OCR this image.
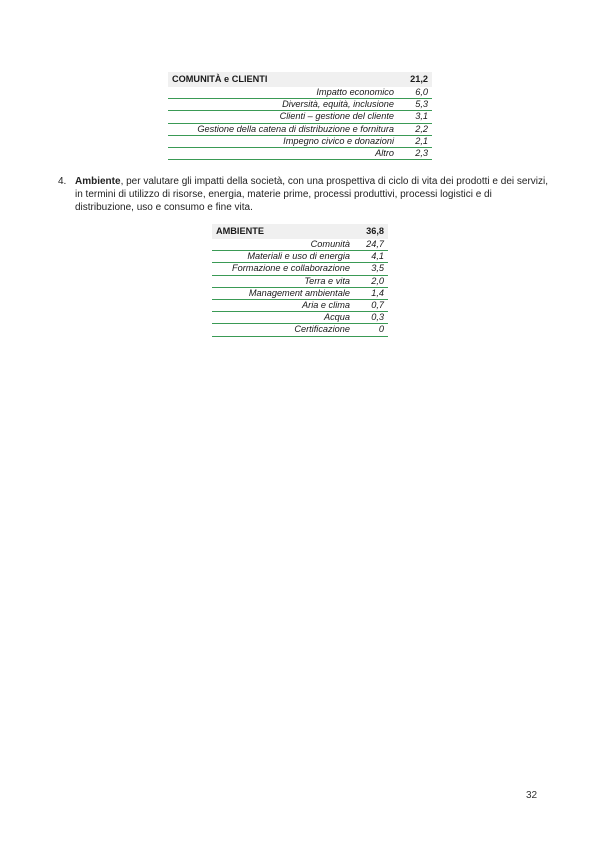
COMUNITÀ e CLIENTI	21,2
Impatto economico	6,0
Diversità, equità, inclusione	5,3
Clienti – gestione del cliente	3,1
Gestione della catena di distribuzione e fornitura	2,2
Impegno civico e donazioni	2,1
Altro	2,3
4. Ambiente, per valutare gli impatti della società, con una prospettiva di ciclo di vita dei prodotti e dei servizi, in termini di utilizzo di risorse, energia, materie prime, processi produttivi, processi logistici e di distribuzione, uso e consumo e fine vita.
AMBIENTE	36,8
Comunità	24,7
Materiali e uso di energia	4,1
Formazione e collaborazione	3,5
Terra e vita	2,0
Management ambientale	1,4
Aria e clima	0,7
Acqua	0,3
Certificazione	0
32
